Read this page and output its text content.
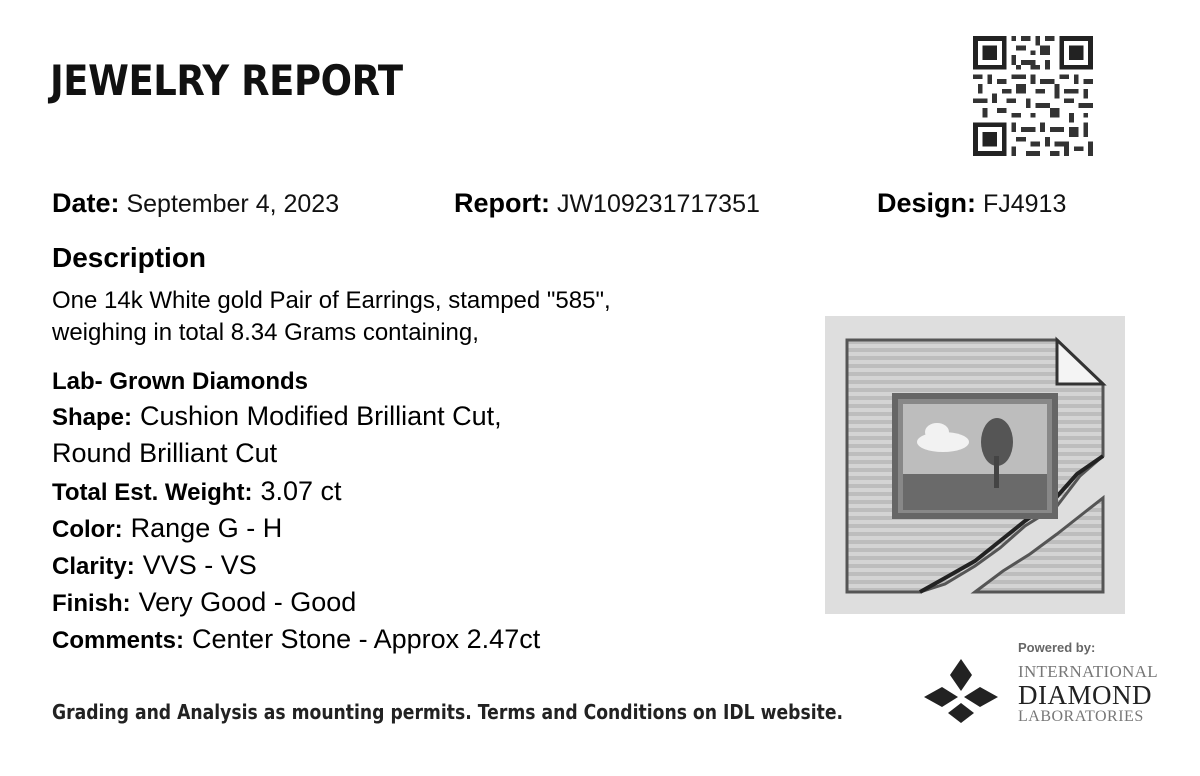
JEWELRY REPORT
Date: September 4, 2023	Report: JW109231717351	Design: FJ4913
Description
One 14k White gold Pair of Earrings, stamped "585",
weighing in total 8.34 Grams containing,
Lab- Grown Diamonds
Shape: Cushion Modified Brilliant Cut,
Round Brilliant Cut
Total Est. Weight: 3.07 ct
Color: Range G - H
Clarity: VVS - VS
Finish: Very Good - Good
Comments: Center Stone - Approx 2.47ct
Grading and Analysis as mounting permits. Terms and Conditions on IDL website.
Powered by:
INTERNATIONAL
DIAMOND
LABORATORIES
